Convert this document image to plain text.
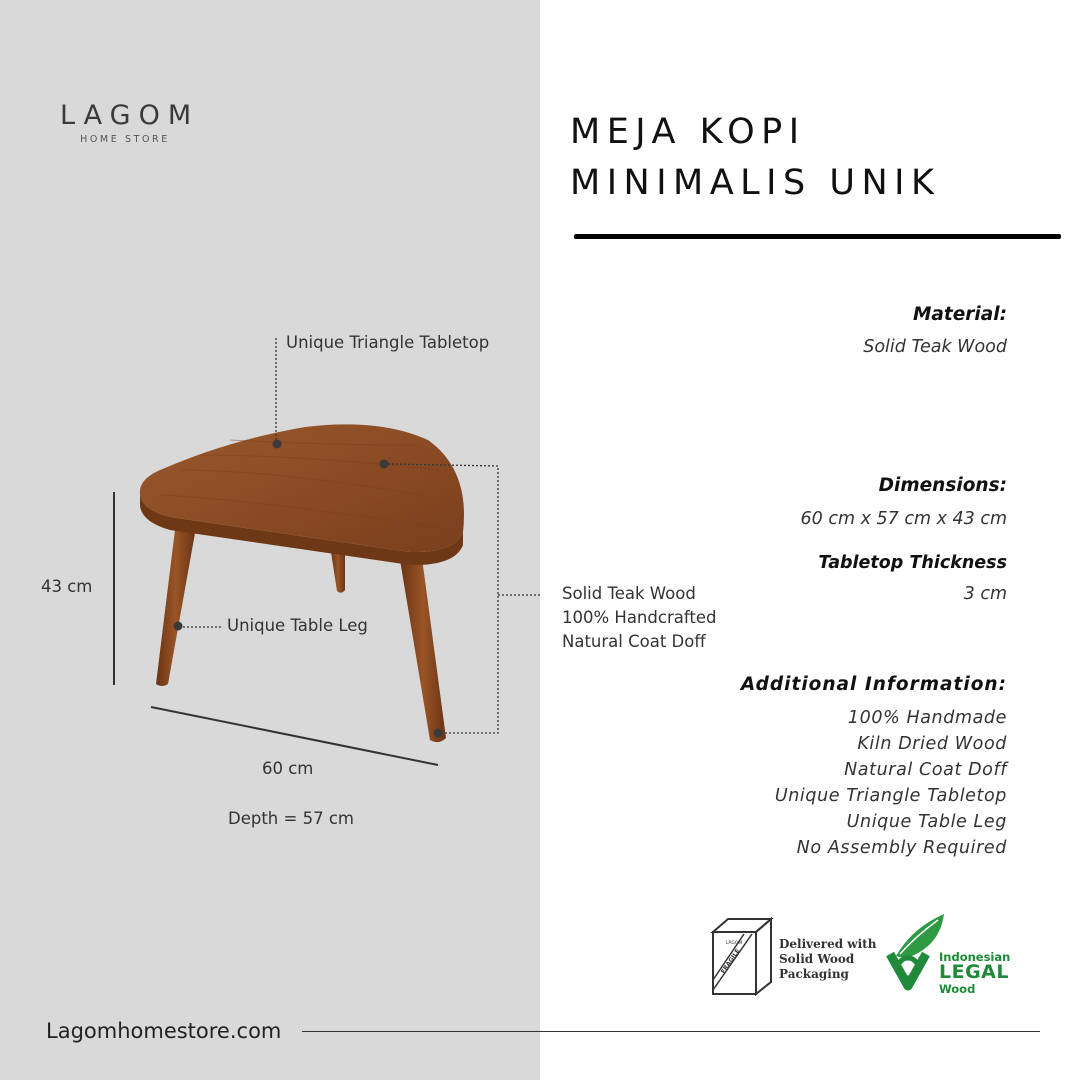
LAGOM
HOME STORE	MEJA KOPI
MINIMALIS UNIK
Material:
Solid Teak Wood
Dimensions:
60 cm x 57 cm x 43 cm
Tabletop Thickness
3 cm
Additional Information:
100% Handmade
Kiln Dried Wood
Natural Coat Doff
Unique Triangle Tabletop
Unique Table Leg
No Assembly Required
Unique Triangle Tabletop
Unique Table Leg
Solid Teak Wood
100% Handcrafted
Natural Coat Doff
43 cm
60 cm
Depth = 57 cm
LAGOM
FRAGILE
Delivered with
Solid Wood
Packaging
Indonesian
LEGAL
Wood
Lagomhomestore.com
